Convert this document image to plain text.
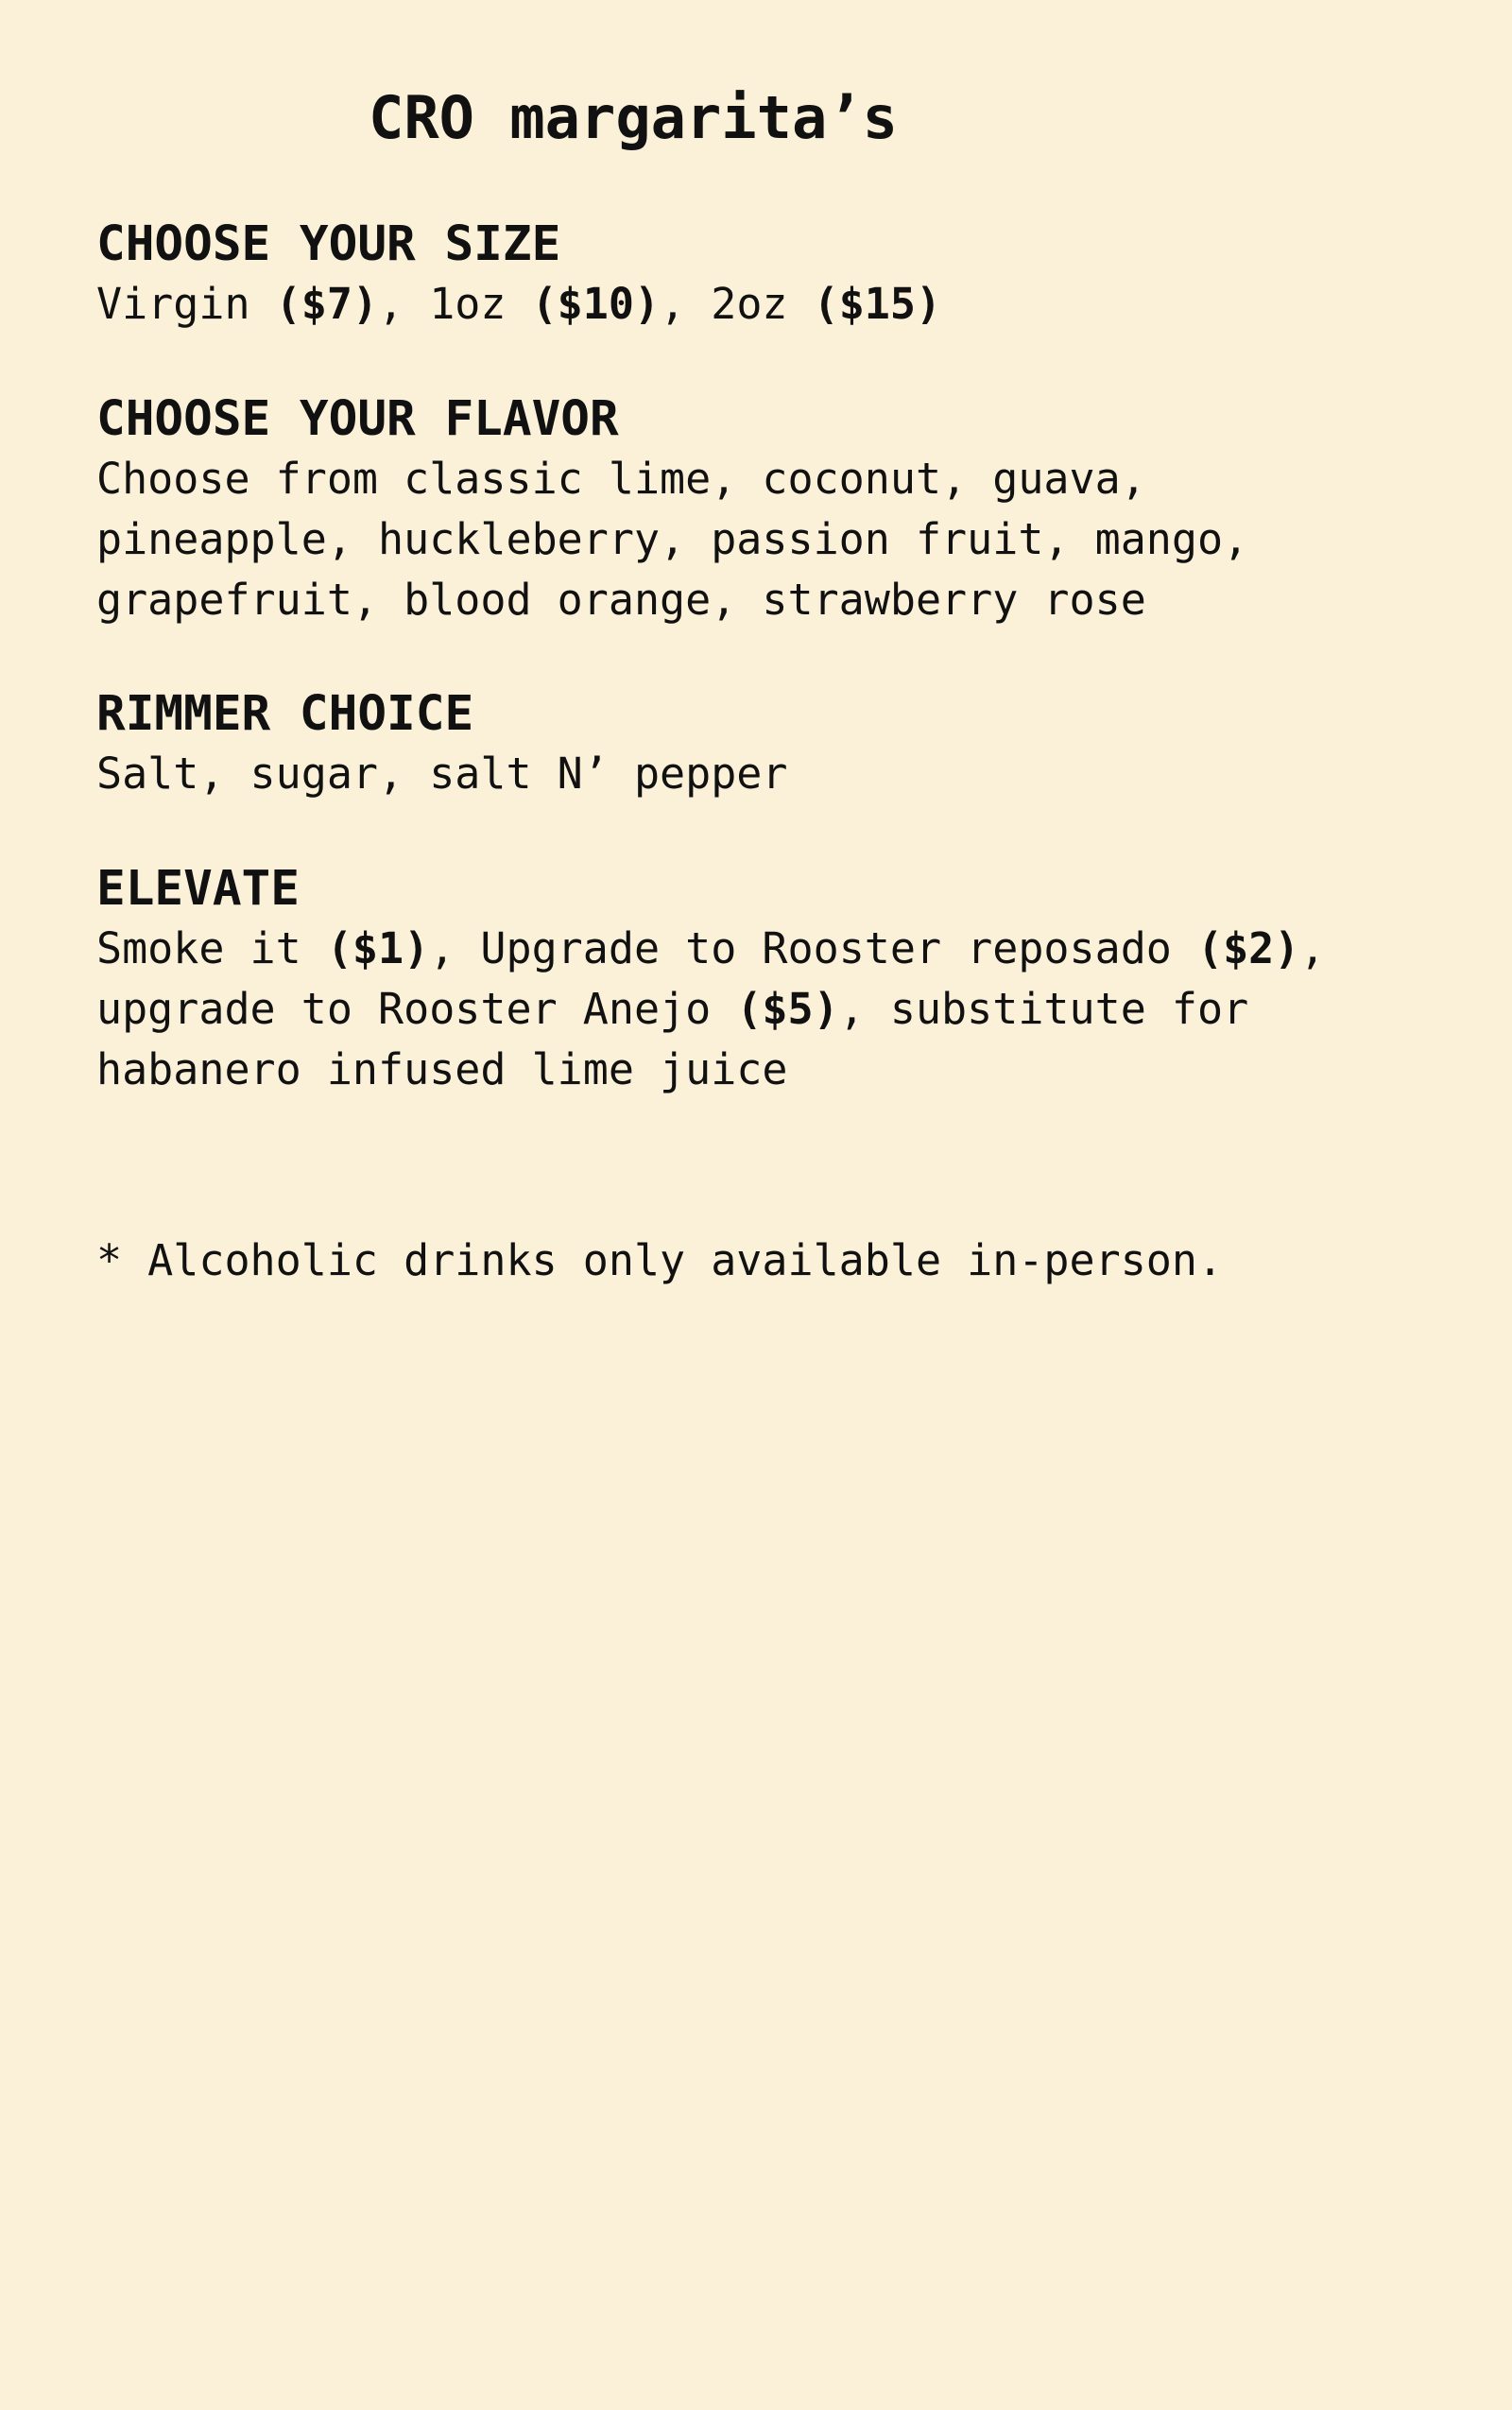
CRO margarita’s
CHOOSE YOUR SIZE
Virgin ($7), 1oz ($10), 2oz ($15)
CHOOSE YOUR FLAVOR
Choose from classic lime, coconut, guava,
pineapple, huckleberry, passion fruit, mango,
grapefruit, blood orange, strawberry rose
RIMMER CHOICE
Salt, sugar, salt N’ pepper
ELEVATE
Smoke it ($1), Upgrade to Rooster reposado ($2),
upgrade to Rooster Anejo ($5), substitute for
habanero infused lime juice
* Alcoholic drinks only available in-person.
